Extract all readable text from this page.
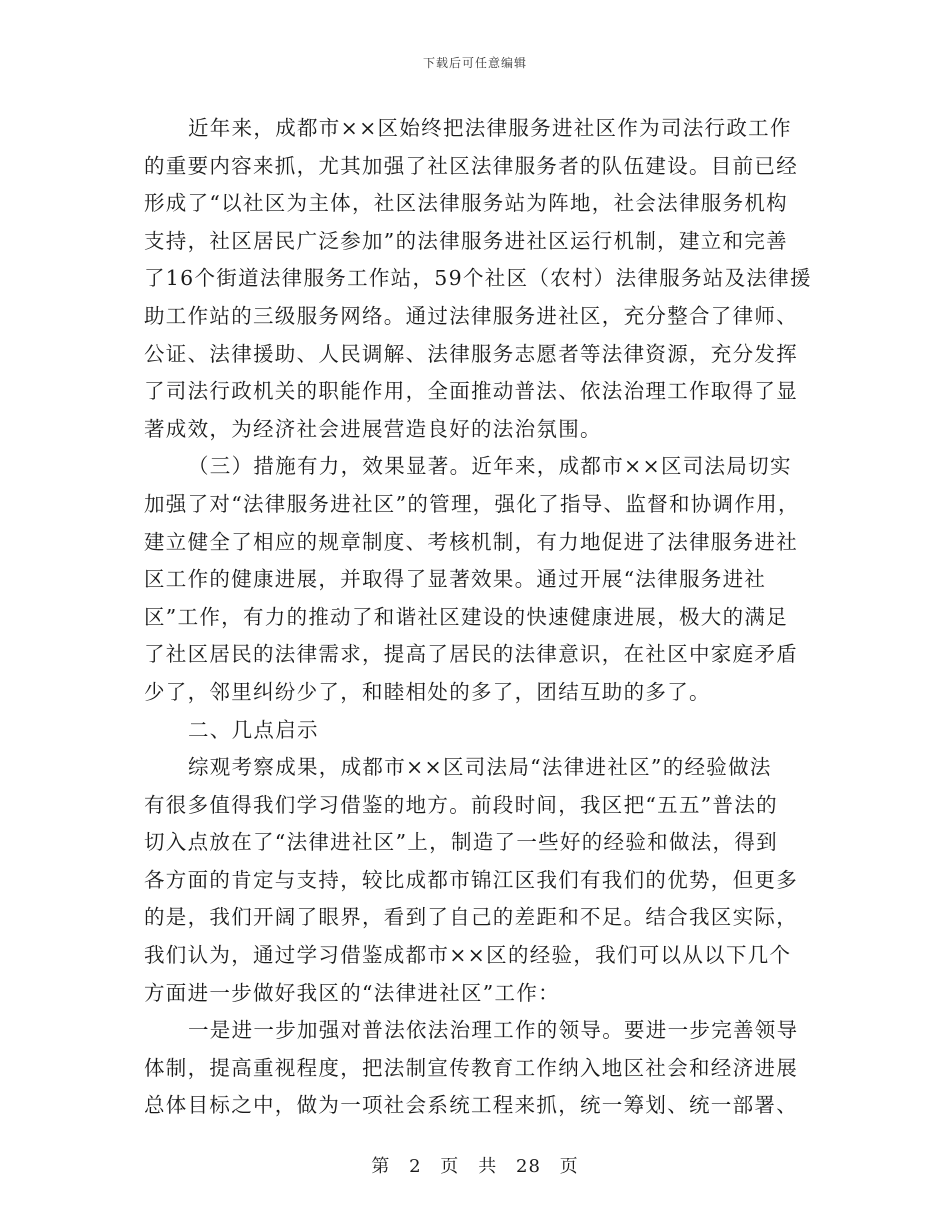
下载后可任意编辑
近年来，成都市××区始终把法律服务进社区作为司法行政工作
的重要内容来抓，尤其加强了社区法律服务者的队伍建设。目前已经
形成了“以社区为主体，社区法律服务站为阵地，社会法律服务机构
支持，社区居民广泛参加”的法律服务进社区运行机制，建立和完善
了16个街道法律服务工作站，59个社区（农村）法律服务站及法律援
助工作站的三级服务网络。通过法律服务进社区，充分整合了律师、
公证、法律援助、人民调解、法律服务志愿者等法律资源，充分发挥
了司法行政机关的职能作用，全面推动普法、依法治理工作取得了显
著成效，为经济社会进展营造良好的法治氛围。
（三）措施有力，效果显著。近年来，成都市××区司法局切实
加强了对“法律服务进社区”的管理，强化了指导、监督和协调作用，
建立健全了相应的规章制度、考核机制，有力地促进了法律服务进社
区工作的健康进展，并取得了显著效果。通过开展“法律服务进社
区”工作，有力的推动了和谐社区建设的快速健康进展，极大的满足
了社区居民的法律需求，提高了居民的法律意识，在社区中家庭矛盾
少了，邻里纠纷少了，和睦相处的多了，团结互助的多了。
二、几点启示
综观考察成果，成都市××区司法局“法律进社区”的经验做法
有很多值得我们学习借鉴的地方。前段时间，我区把“五五”普法的
切入点放在了“法律进社区”上，制造了一些好的经验和做法，得到
各方面的肯定与支持，较比成都市锦江区我们有我们的优势，但更多
的是，我们开阔了眼界，看到了自己的差距和不足。结合我区实际，
我们认为，通过学习借鉴成都市××区的经验，我们可以从以下几个
方面进一步做好我区的“法律进社区”工作：
一是进一步加强对普法依法治理工作的领导。要进一步完善领导
体制，提高重视程度，把法制宣传教育工作纳入地区社会和经济进展
总体目标之中，做为一项社会系统工程来抓，统一筹划、统一部署、
第 2 页　共 28 页
